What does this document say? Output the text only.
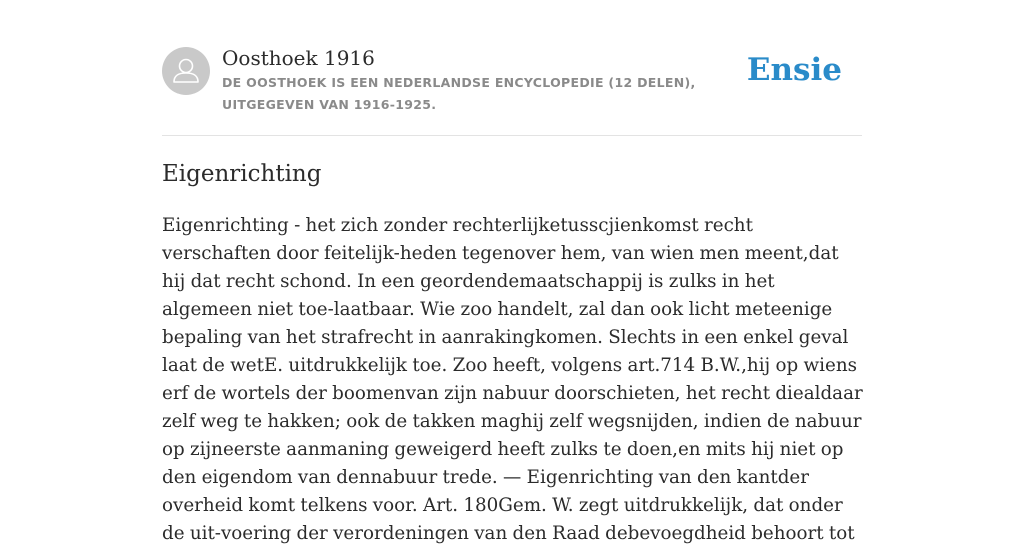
Oosthoek 1916
DE OOSTHOEK IS EEN NEDERLANDSE ENCYCLOPEDIE (12 DELEN), UITGEGEVEN VAN 1916-1925.
Ensie
Eigenrichting

Eigenrichting - het zich zonder rechterlijketusscjienkomst recht verschaften door feitelijk-heden tegenover hem, van wien men meent,dat hij dat recht schond. In een geordendemaatschappij is zulks in het algemeen niet toe-laatbaar. Wie zoo handelt, zal dan ook licht meteenige bepaling van het strafrecht in aanrakingkomen. Slechts in een enkel geval laat de wetE. uitdrukkelijk toe. Zoo heeft, volgens art.714 B.W.,hij op wiens erf de wortels der boomenvan zijn nabuur doorschieten, het recht diealdaar zelf weg te hakken; ook de takken maghij zelf wegsnijden, indien de nabuur op zijneerste aanmaning geweigerd heeft zulks te doen,en mits hij niet op den eigendom van dennabuur trede. — Eigenrichting van den kantder overheid komt telkens voor. Art. 180Gem. W. zegt uitdrukkelijk, dat onder de uit-voering der verordeningen van den Raad debevoegdheid behoort tot
